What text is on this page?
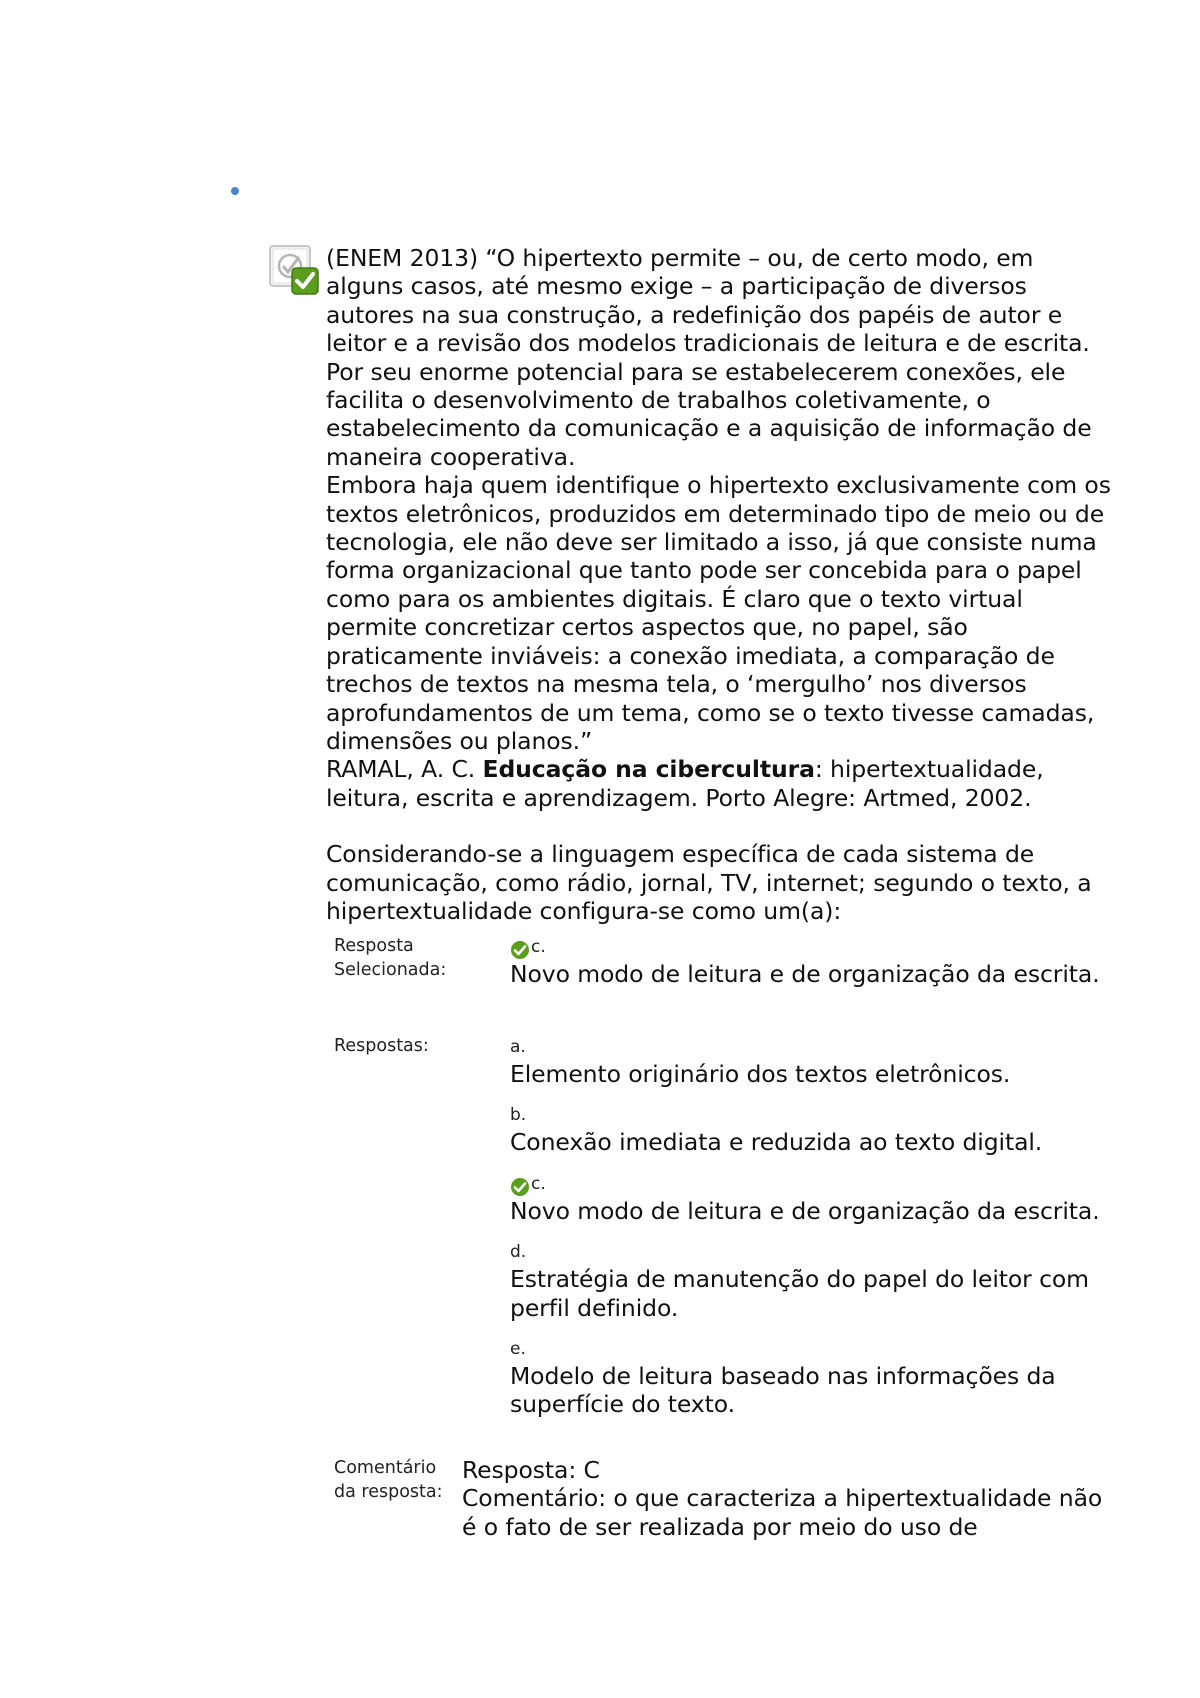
(ENEM 2013) “O hipertexto permite – ou, de certo modo, em alguns casos, até mesmo exige – a participação de diversos autores na sua construção, a redefinição dos papéis de autor e leitor e a revisão dos modelos tradicionais de leitura e de escrita. Por seu enorme potencial para se estabelecerem conexões, ele facilita o desenvolvimento de trabalhos coletivamente, o estabelecimento da comunicação e a aquisição de informação de maneira cooperativa.

Embora haja quem identifique o hipertexto exclusivamente com os textos eletrônicos, produzidos em determinado tipo de meio ou de tecnologia, ele não deve ser limitado a isso, já que consiste numa forma organizacional que tanto pode ser concebida para o papel como para os ambientes digitais. É claro que o texto virtual permite concretizar certos aspectos que, no papel, são praticamente inviáveis: a conexão imediata, a comparação de trechos de textos na mesma tela, o ‘mergulho’ nos diversos aprofundamentos de um tema, como se o texto tivesse camadas, dimensões ou planos.”

RAMAL, A. C. Educação na cibercultura: hipertextualidade, leitura, escrita e aprendizagem. Porto Alegre: Artmed, 2002.

Considerando-se a linguagem específica de cada sistema de comunicação, como rádio, jornal, TV, internet; segundo o texto, a hipertextualidade configura-se como um(a):

Resposta Selecionada:
c.
Novo modo de leitura e de organização da escrita.
Respostas:	a.
Elemento originário dos textos eletrônicos.
b.
Conexão imediata e reduzida ao texto digital.
c.
Novo modo de leitura e de organização da escrita.
d.
Estratégia de manutenção do papel do leitor com perfil definido.
e.
Modelo de leitura baseado nas informações da superfície do texto.
Comentário da resposta:

Resposta: C

Comentário: o que caracteriza a hipertextualidade não é o fato de ser realizada por meio do uso de
